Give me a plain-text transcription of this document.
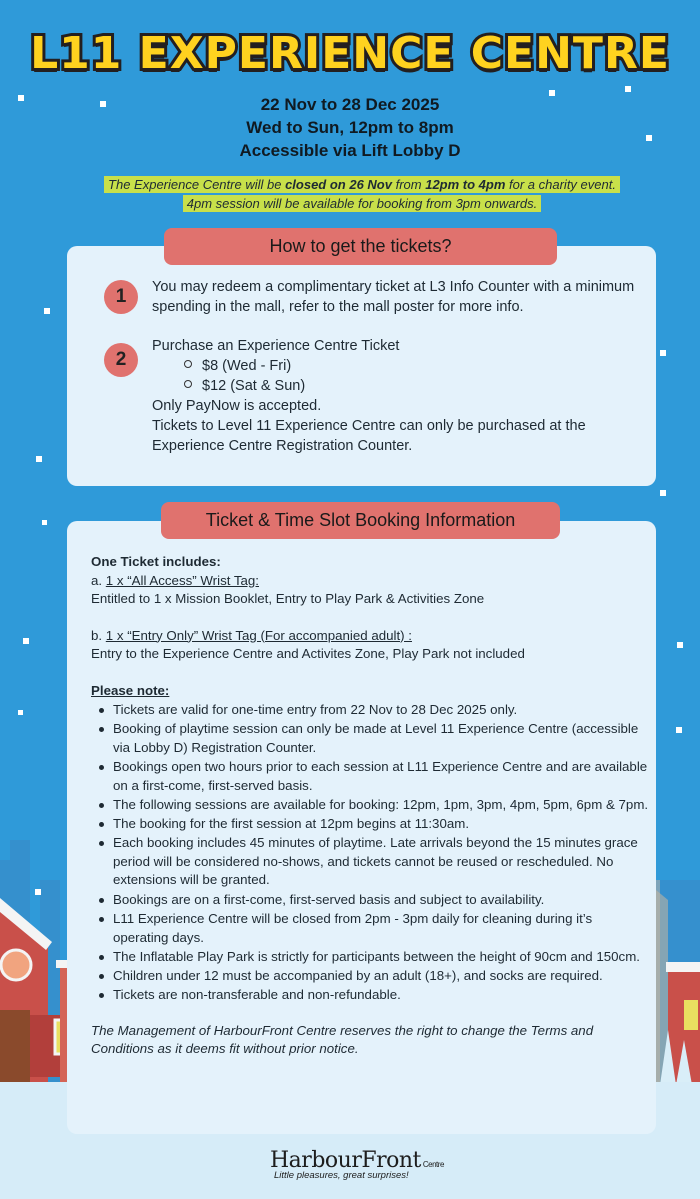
L11 EXPERIENCE CENTRE
22 Nov to 28 Dec 2025
Wed to Sun, 12pm to 8pm
Accessible via Lift Lobby D
The Experience Centre will be closed on 26 Nov from 12pm to 4pm for a charity event.
4pm session will be available for booking from 3pm onwards.
How to get the tickets?
1	You may redeem a complimentary ticket at L3 Info Counter with a minimum spending in the mall, refer to the mall poster for more info.
2
Purchase an Experience Centre Ticket
$8 (Wed - Fri)
$12 (Sat & Sun)
Only PayNow is accepted.
Tickets to Level 11 Experience Centre can only be purchased at the Experience Centre Registration Counter.
Ticket & Time Slot Booking Information
One Ticket includes:
a. 1 x “All Access” Wrist Tag:
Entitled to 1 x Mission Booklet, Entry to Play Park & Activities Zone
b. 1 x “Entry Only” Wrist Tag (For accompanied adult) :
Entry to the Experience Centre and Activites Zone, Play Park not included
Please note:
Tickets are valid for one-time entry from 22 Nov to 28 Dec 2025 only.
Booking of playtime session can only be made at Level 11 Experience Centre (accessible via Lobby D) Registration Counter.
Bookings open two hours prior to each session at L11 Experience Centre and are available on a first-come, first-served basis.
The following sessions are available for booking: 12pm, 1pm, 3pm, 4pm, 5pm, 6pm & 7pm.
The booking for the first session at 12pm begins at 11:30am.
Each booking includes 45 minutes of playtime. Late arrivals beyond the 15 minutes grace period will be considered no-shows, and tickets cannot be reused or rescheduled. No extensions will be granted.
Bookings are on a first-come, first-served basis and subject to availability.
L11 Experience Centre will be closed from 2pm - 3pm daily for cleaning during it’s operating days.
The Inflatable Play Park is strictly for participants between the height of 90cm and 150cm.
Children under 12 must be accompanied by an adult (18+), and socks are required.
Tickets are non-transferable and non-refundable.
The Management of HarbourFront Centre reserves the right to change the Terms and Conditions as it deems fit without prior notice.
HarbourFront Centre
Little pleasures, great surprises!
